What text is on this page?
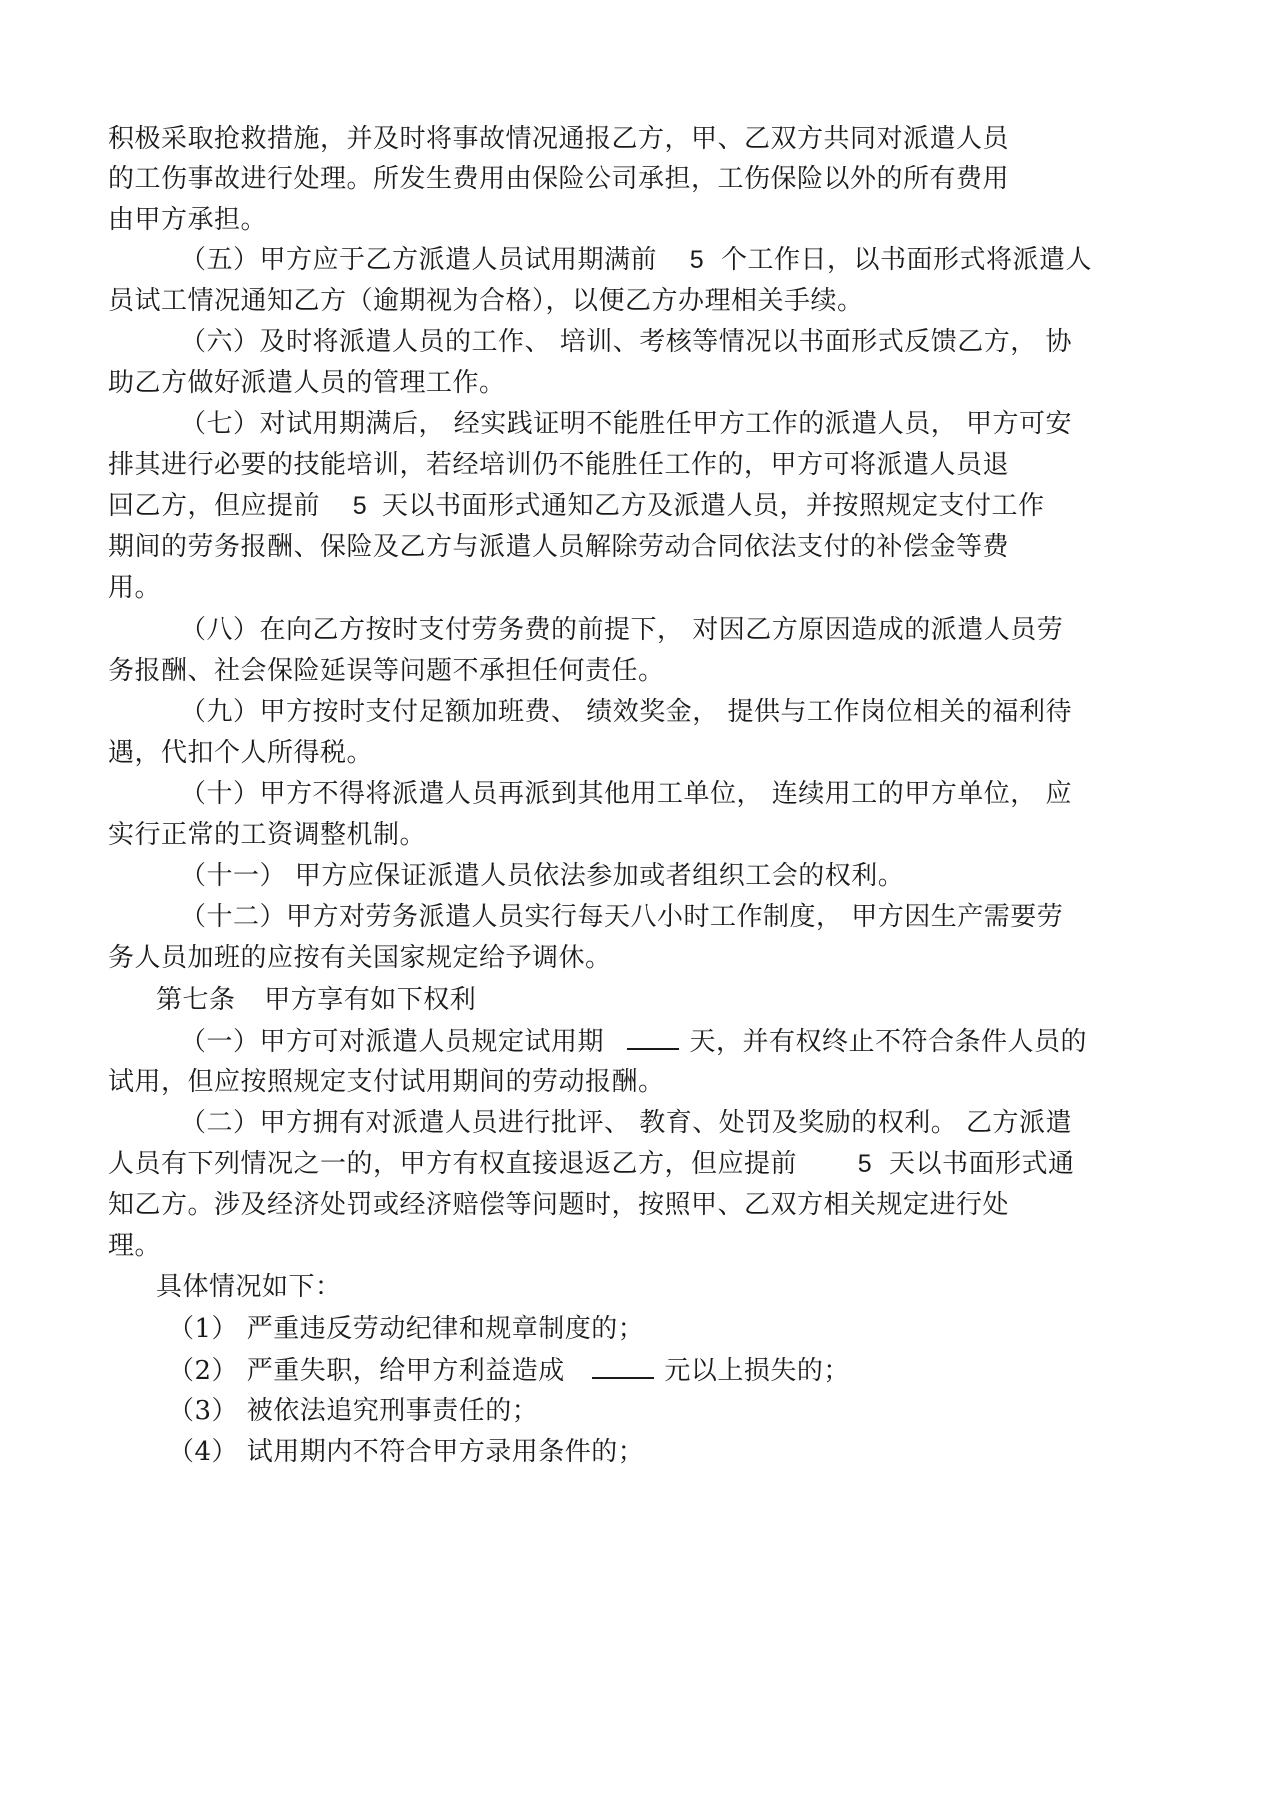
积极采取抢救措施，并及时将事故情况通报乙方，甲、乙双方共同对派遣人员
的工伤事故进行处理。所发生费用由保险公司承担，工伤保险以外的所有费用
由甲方承担。
（五）甲方应于乙方派遣人员试用期满前 5 个工作日，以书面形式将派遣人
员试工情况通知乙方（逾期视为合格），以便乙方办理相关手续。
（六）及时将派遣人员的工作、 培训、考核等情况以书面形式反馈乙方， 协
助乙方做好派遣人员的管理工作。
（七）对试用期满后， 经实践证明不能胜任甲方工作的派遣人员， 甲方可安
排其进行必要的技能培训，若经培训仍不能胜任工作的，甲方可将派遣人员退
回乙方，但应提前 5 天以书面形式通知乙方及派遣人员，并按照规定支付工作
期间的劳务报酬、保险及乙方与派遣人员解除劳动合同依法支付的补偿金等费
用。
（八）在向乙方按时支付劳务费的前提下， 对因乙方原因造成的派遣人员劳
务报酬、社会保险延误等问题不承担任何责任。
（九）甲方按时支付足额加班费、 绩效奖金， 提供与工作岗位相关的福利待
遇，代扣个人所得税。
（十）甲方不得将派遣人员再派到其他用工单位， 连续用工的甲方单位， 应
实行正常的工资调整机制。
（十一） 甲方应保证派遣人员依法参加或者组织工会的权利。
（十二）甲方对劳务派遣人员实行每天八小时工作制度， 甲方因生产需要劳
务人员加班的应按有关国家规定给予调休。
第七条 甲方享有如下权利
（一）甲方可对派遣人员规定试用期	天，并有权终止不符合条件人员的
试用，但应按照规定支付试用期间的劳动报酬。
（二）甲方拥有对派遣人员进行批评、 教育、处罚及奖励的权利。 乙方派遣
人员有下列情况之一的，甲方有权直接退返乙方，但应提前 5 天以书面形式通
知乙方。涉及经济处罚或经济赔偿等问题时，按照甲、乙双方相关规定进行处
理。
具体情况如下：
（1） 严重违反劳动纪律和规章制度的；
（2） 严重失职，给甲方利益造成	元以上损失的；
（3） 被依法追究刑事责任的；
（4） 试用期内不符合甲方录用条件的；
